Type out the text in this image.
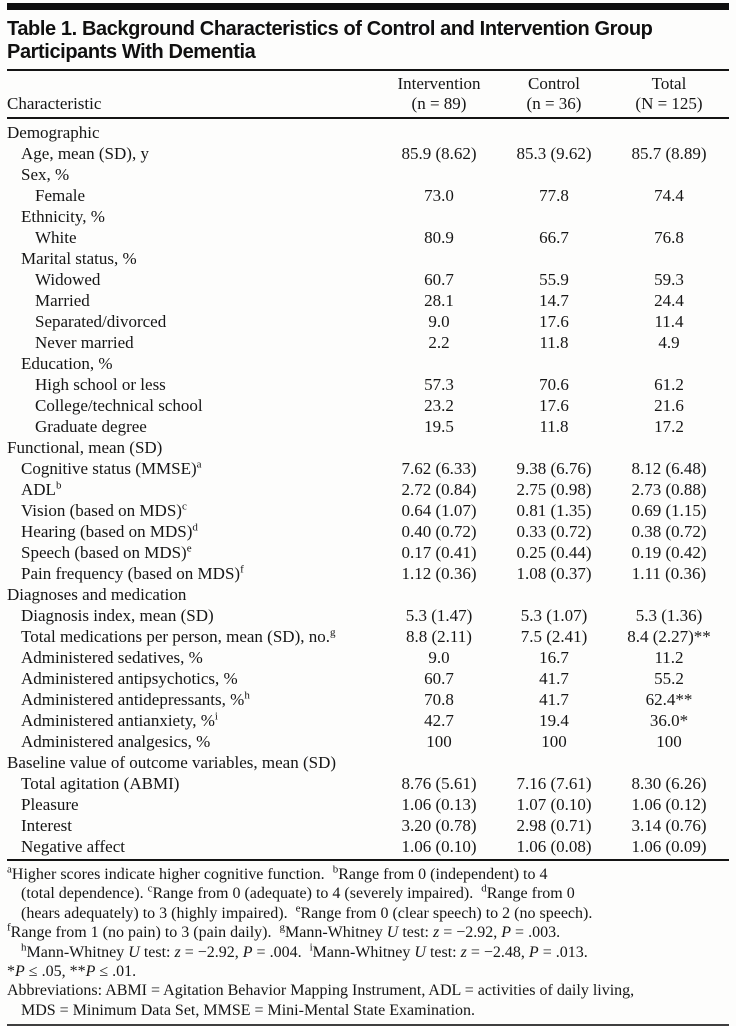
Table 1. Background Characteristics of Control and Intervention Group
Participants With Dementia
	Intervention	Control	Total
Characteristic	(n = 89)	(n = 36)	(N = 125)
Demographic			
Age, mean (SD), y	85.9 (8.62)	85.3 (9.62)	85.7 (8.89)
Sex, %			
Female	73.0	77.8	74.4
Ethnicity, %			
White	80.9	66.7	76.8
Marital status, %			
Widowed	60.7	55.9	59.3
Married	28.1	14.7	24.4
Separated/divorced	9.0	17.6	11.4
Never married	2.2	11.8	4.9
Education, %			
High school or less	57.3	70.6	61.2
College/technical school	23.2	17.6	21.6
Graduate degree	19.5	11.8	17.2
Functional, mean (SD)			
Cognitive status (MMSE)$^a$	7.62 (6.33)	9.38 (6.76)	8.12 (6.48)
ADL$^b$	2.72 (0.84)	2.75 (0.98)	2.73 (0.88)
Vision (based on MDS)$^c$	0.64 (1.07)	0.81 (1.35)	0.69 (1.15)
Hearing (based on MDS)$^d$	0.40 (0.72)	0.33 (0.72)	0.38 (0.72)
Speech (based on MDS)$^e$	0.17 (0.41)	0.25 (0.44)	0.19 (0.42)
Pain frequency (based on MDS)$^f$	1.12 (0.36)	1.08 (0.37)	1.11 (0.36)
Diagnoses and medication			
Diagnosis index, mean (SD)	5.3 (1.47)	5.3 (1.07)	5.3 (1.36)
Total medications per person, mean (SD), no.$^g$	8.8 (2.11)	7.5 (2.41)	8.4 (2.27)**
Administered sedatives, %	9.0	16.7	11.2
Administered antipsychotics, %	60.7	41.7	55.2
Administered antidepressants, %$^h$	70.8	41.7	62.4**
Administered antianxiety, %$^i$	42.7	19.4	36.0*
Administered analgesics, %	100	100	100
Baseline value of outcome variables, mean (SD)			
Total agitation (ABMI)	8.76 (5.61)	7.16 (7.61)	8.30 (6.26)
Pleasure	1.06 (0.13)	1.07 (0.10)	1.06 (0.12)
Interest	3.20 (0.78)	2.98 (0.71)	3.14 (0.76)
Negative affect	1.06 (0.10)	1.06 (0.08)	1.06 (0.09)
$^a$Higher scores indicate higher cognitive function.  $^b$Range from 0 (independent) to 4
(total dependence). $^c$Range from 0 (adequate) to 4 (severely impaired).  $^d$Range from 0
(hears adequately) to 3 (highly impaired).  $^e$Range from 0 (clear speech) to 2 (no speech).
$^f$Range from 1 (no pain) to 3 (pain daily).  $^g$Mann-Whitney U test: z = −2.92, P = .003.
$^h$Mann-Whitney U test: z = −2.92, P = .004.  $^i$Mann-Whitney U test: z = −2.48, P = .013.
*P ≤ .05, **P ≤ .01.
Abbreviations: ABMI = Agitation Behavior Mapping Instrument, ADL = activities of daily living,
MDS = Minimum Data Set, MMSE = Mini-Mental State Examination.
